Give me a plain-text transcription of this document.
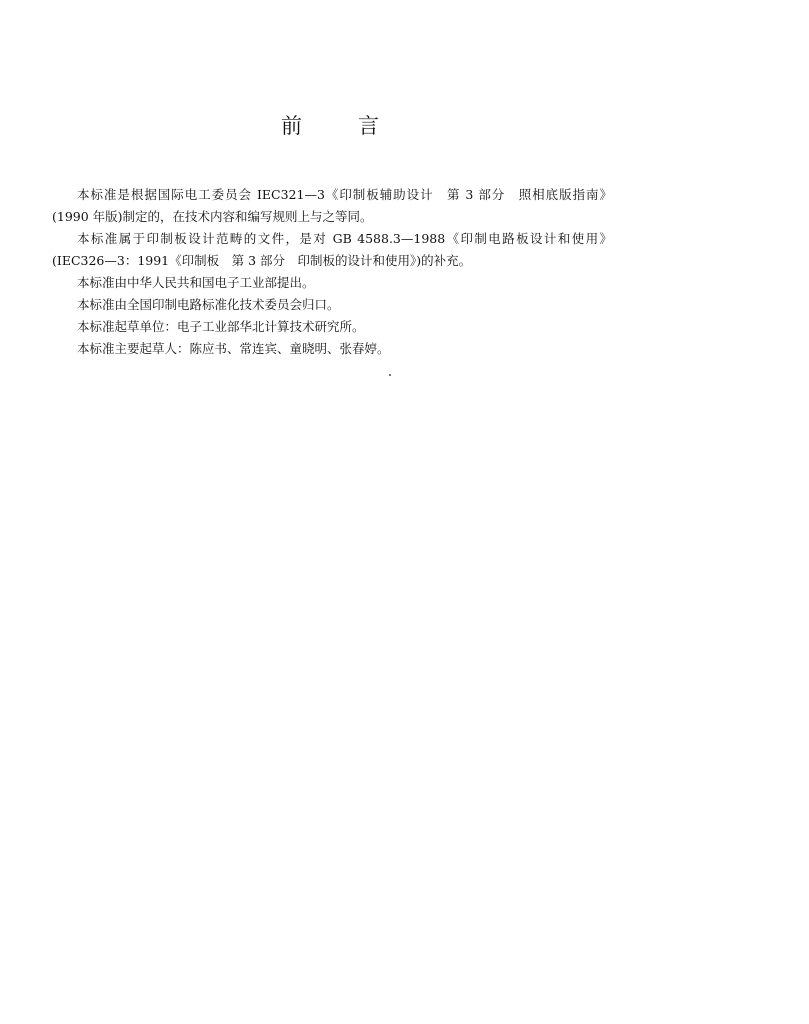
前言

本标准是根据国际电工委员会 IEC321—3《印制板辅助设计　第 3 部分　照相底版指南》(1990 年版)制定的，在技术内容和编写规则上与之等同。

本标准属于印制板设计范畴的文件，是对 GB 4588.3—1988《印制电路板设计和使用》(IEC326—3：1991《印制板　第 3 部分　印制板的设计和使用》)的补充。

本标准由中华人民共和国电子工业部提出。

本标准由全国印制电路标准化技术委员会归口。

本标准起草单位：电子工业部华北计算技术研究所。

本标准主要起草人：陈应书、常连宾、童晓明、张春婷。
